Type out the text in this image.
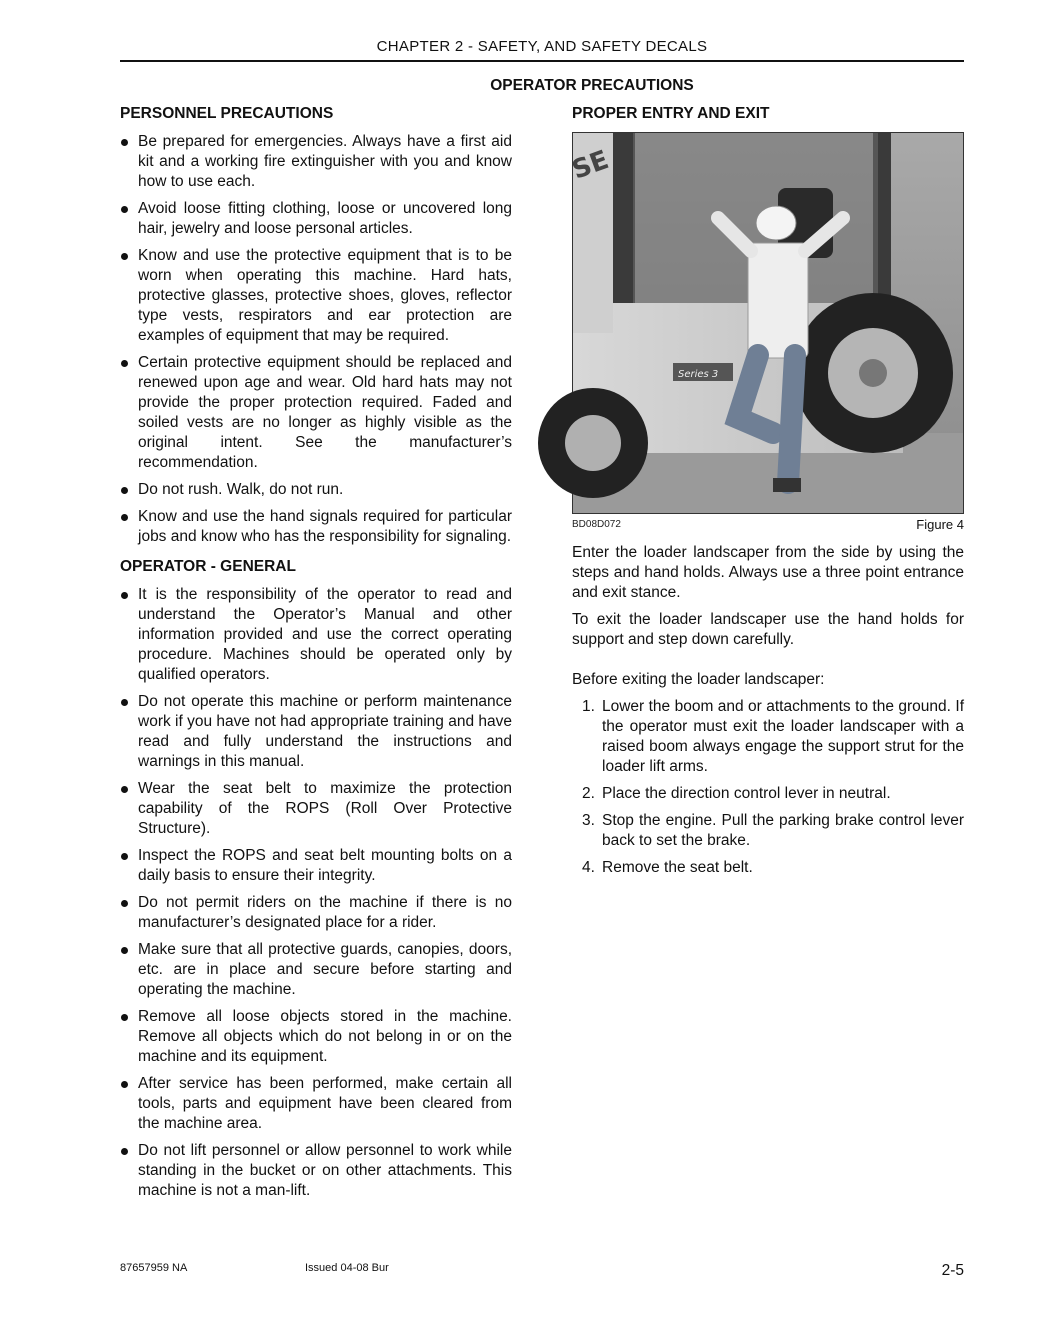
CHAPTER 2 - SAFETY, AND SAFETY DECALS
OPERATOR PRECAUTIONS
PERSONNEL PRECAUTIONS
Be prepared for emergencies. Always have a first aid kit and a working fire extinguisher with you and know how to use each.
Avoid loose fitting clothing, loose or uncovered long hair, jewelry and loose personal articles.
Know and use the protective equipment that is to be worn when operating this machine. Hard hats, protective glasses, protective shoes, gloves, reflector type vests, respirators and ear protection are examples of equipment that may be required.
Certain protective equipment should be replaced and renewed upon age and wear. Old hard hats may not provide the proper protection required. Faded and soiled vests are no longer as highly visible as the original intent. See the manufacturer’s recommendation.
Do not rush. Walk, do not run.
Know and use the hand signals required for particular jobs and know who has the responsibility for signaling.
OPERATOR - GENERAL
It is the responsibility of the operator to read and understand the Operator’s Manual and other information provided and use the correct operating procedure. Machines should be operated only by qualified operators.
Do not operate this machine or perform maintenance work if you have not had appropriate training and have read and fully understand the instructions and warnings in this manual.
Wear the seat belt to maximize the protection capability of the ROPS (Roll Over Protective Structure).
Inspect the ROPS and seat belt mounting bolts on a daily basis to ensure their integrity.
Do not permit riders on the machine if there is no manufacturer’s designated place for a rider.
Make sure that all protective guards, canopies, doors, etc. are in place and secure before starting and operating the machine.
Remove all loose objects stored in the machine. Remove all objects which do not belong in or on the machine and its equipment.
After service has been performed, make certain all tools, parts and equipment have been cleared from the machine area.
Do not lift personnel or allow personnel to work while standing in the bucket or on other attachments. This machine is not a man-lift.
PROPER ENTRY AND EXIT
Series 3
SE
BD08D072	Figure 4

Enter the loader landscaper from the side by using the steps and hand holds. Always use a three point entrance and exit stance.

To exit the loader landscaper use the hand holds for support and step down carefully.

Before exiting the loader landscaper:

1. Lower the boom and or attachments to the ground. If the operator must exit the loader landscaper with a raised boom always engage the support strut for the loader lift arms.
2. Place the direction control lever in neutral.
3. Stop the engine. Pull the parking brake control lever back to set the brake.
4. Remove the seat belt.
87657959 NA	Issued 04-08 Bur	2-5
